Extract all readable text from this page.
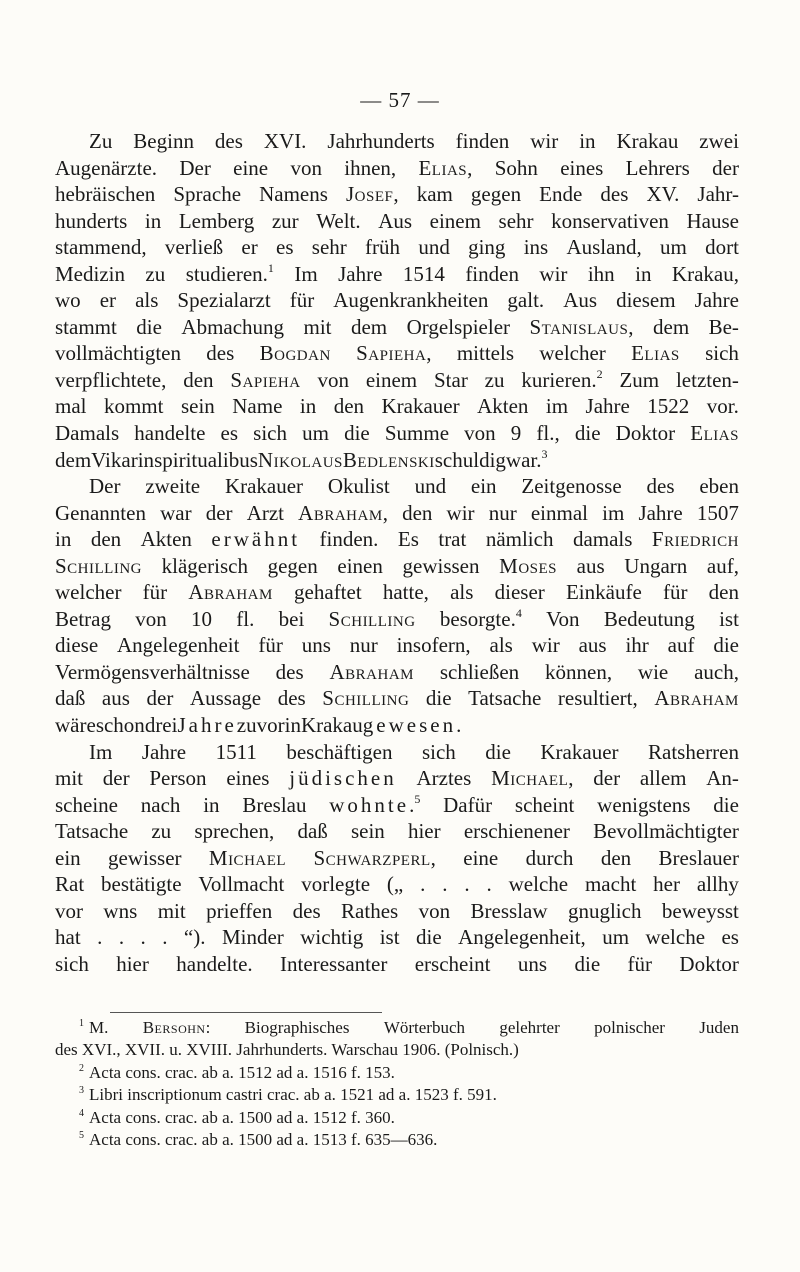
— 57 —
Zu Beginn des XVI. Jahrhunderts finden wir in Krakau zwei
Augenärzte. Der eine von ihnen, Elias, Sohn eines Lehrers der
hebräischen Sprache Namens Josef, kam gegen Ende des XV. Jahr-
hunderts in Lemberg zur Welt. Aus einem sehr konservativen Hause
stammend, verließ er es sehr früh und ging ins Ausland, um dort
Medizin zu studieren.$^1$ Im Jahre 1514 finden wir ihn in Krakau,
wo er als Spezialarzt für Augenkrankheiten galt. Aus diesem Jahre
stammt die Abmachung mit dem Orgelspieler Stanislaus, dem Be-
vollmächtigten des Bogdan Sapieha, mittels welcher Elias sich
verpflichtete, den Sapieha von einem Star zu kurieren.$^2$ Zum letzten-
mal kommt sein Name in den Krakauer Akten im Jahre 1522 vor.
Damals handelte es sich um die Summe von 9 fl., die Doktor Elias
dem Vikar in spiritualibus Nikolaus Bedlenski schuldig war.$^3$
Der zweite Krakauer Okulist und ein Zeitgenosse des eben
Genannten war der Arzt Abraham, den wir nur einmal im Jahre 1507
in den Akten erwähnt finden. Es trat nämlich damals Friedrich
Schilling klägerisch gegen einen gewissen Moses aus Ungarn auf,
welcher für Abraham gehaftet hatte, als dieser Einkäufe für den
Betrag von 10 fl. bei Schilling besorgte.$^4$ Von Bedeutung ist
diese Angelegenheit für uns nur insofern, als wir aus ihr auf die
Vermögensverhältnisse des Abraham schließen können, wie auch,
daß aus der Aussage des Schilling die Tatsache resultiert, Abraham
wäre schon drei Jahre zuvor in Krakau gewesen.
Im Jahre 1511 beschäftigen sich die Krakauer Ratsherren
mit der Person eines jüdischen Arztes Michael, der allem An-
scheine nach in Breslau wohnte.$^5$ Dafür scheint wenigstens die
Tatsache zu sprechen, daß sein hier erschienener Bevollmächtigter
ein gewisser Michael Schwarzperl, eine durch den Breslauer
Rat bestätigte Vollmacht vorlegte („ . . . . welche macht her allhy
vor wns mit prieffen des Rathes von Bresslaw gnuglich beweysst
hat . . . . “). Minder wichtig ist die Angelegenheit, um welche es
sich hier handelte. Interessanter erscheint uns die für Doktor
$^1$ M. Bersohn: Biographisches Wörterbuch gelehrter polnischer Juden
des XVI., XVII. u. XVIII. Jahrhunderts. Warschau 1906. (Polnisch.)
$^2$ Acta cons. crac. ab a. 1512 ad a. 1516 f. 153.
$^3$ Libri inscriptionum castri crac. ab a. 1521 ad a. 1523 f. 591.
$^4$ Acta cons. crac. ab a. 1500 ad a. 1512 f. 360.
$^5$ Acta cons. crac. ab a. 1500 ad a. 1513 f. 635—636.
